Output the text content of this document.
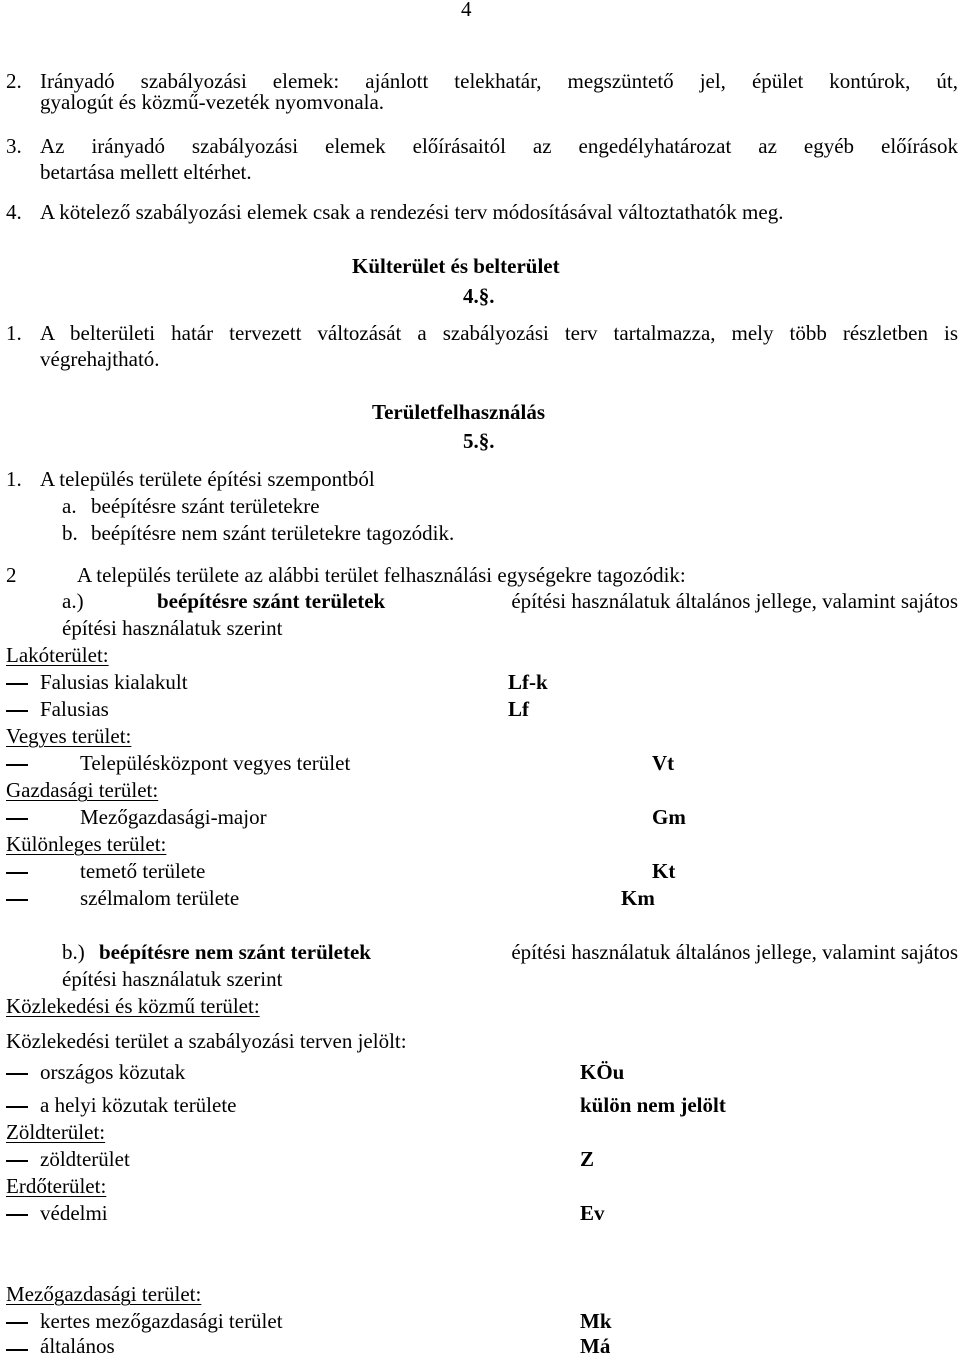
4
2. Irányadó szabályozási elemek: ajánlott telekhatár, megszüntető jel, épület kontúrok, út,
gyalogút és közmű-vezeték nyomvonala.
3. Az irányadó szabályozási elemek előírásaitól az engedélyhatározat az egyéb előírások
betartása mellett eltérhet.
4. A kötelező szabályozási elemek csak a rendezési terv módosításával változtathatók meg.
Külterület és belterület
4.§.
1. A belterületi határ tervezett változását a szabályozási terv tartalmazza, mely több részletben is
végrehajtható.
Területfelhasználás
5.§.
1. A település területe építési szempontból
a. beépítésre szánt területekre
b. beépítésre nem szánt területekre tagozódik.
2	A település területe az alábbi terület felhasználási egységekre tagozódik:
a.)	beépítésre szánt területek	építési használatuk általános jellege, valamint sajátos
építési használatuk szerint
Lakóterület:
Falusias kialakult	Lf-k
Falusias	Lf
Vegyes terület:
Településközpont vegyes terület	Vt
Gazdasági terület:
Mezőgazdasági-major	Gm
Különleges terület:
temető területe	Kt
szélmalom területe	Km
b.) beépítésre nem szánt területek	építési használatuk általános jellege, valamint sajátos
építési használatuk szerint
Közlekedési és közmű terület:
Közlekedési terület a szabályozási terven jelölt:
országos közutak	KÖu
a helyi közutak területe	külön nem jelölt
Zöldterület:
zöldterület	Z
Erdőterület:
védelmi	Ev
Mezőgazdasági terület:
kertes mezőgazdasági terület	Mk
általános	Má
